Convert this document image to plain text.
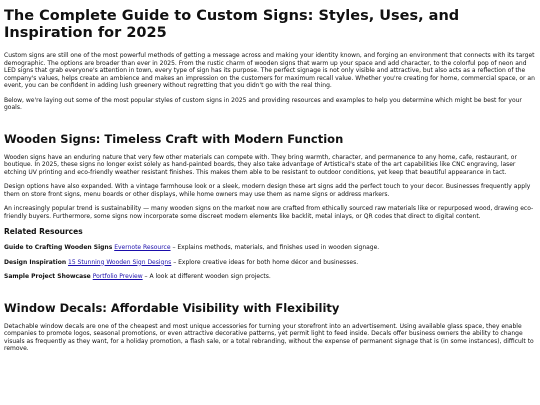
The Complete Guide to Custom Signs: Styles, Uses, and Inspiration for 2025

Custom signs are still one of the most powerful methods of getting a message across and making your identity known, and forging an environment that connects with its target demographic. The options are broader than ever in 2025. From the rustic charm of wooden signs that warm up your space and add character, to the colorful pop of neon and LED signs that grab everyone's attention in town, every type of sign has its purpose. The perfect signage is not only visible and attractive, but also acts as a reflection of the company's values, helps create an ambience and makes an impression on the customers for maximum recall value. Whether you're creating for home, commercial space, or an event, you can be confident in adding lush greenery without regretting that you didn't go with the real thing.

Below, we're laying out some of the most popular styles of custom signs in 2025 and providing resources and examples to help you determine which might be best for your goals.

Wooden Signs: Timeless Craft with Modern Function

Wooden signs have an enduring nature that very few other materials can compete with. They bring warmth, character, and permanence to any home, cafe, restaurant, or boutique. In 2025, these signs no longer exist solely as hand-painted boards, they also take advantage of Artistical's state of the art capabilities like CNC engraving, laser etching UV printing and eco-friendly weather resistant finishes. This makes them able to be resistant to outdoor conditions, yet keep that beautiful appearance in tact.

Design options have also expanded. With a vintage farmhouse look or a sleek, modern design these art signs add the perfect touch to your decor. Businesses frequently apply them on store front signs, menu boards or other displays, while home owners may use them as name signs or address markers.

An increasingly popular trend is sustainability — many wooden signs on the market now are crafted from ethically sourced raw materials like or repurposed wood, drawing eco-friendly buyers. Furthermore, some signs now incorporate some discreet modern elements like backlit, metal inlays, or QR codes that direct to digital content.

Related Resources
Guide to Crafting Wooden Signs Evernote Resource – Explains methods, materials, and finishes used in wooden signage.
Design Inspiration 15 Stunning Wooden Sign Designs – Explore creative ideas for both home décor and businesses.
Sample Project Showcase Portfolio Preview – A look at different wooden sign projects.
Window Decals: Affordable Visibility with Flexibility

Detachable window decals are one of the cheapest and most unique accessories for turning your storefront into an advertisement. Using available glass space, they enable companies to promote logos, seasonal promotions, or even attractive decorative patterns, yet permit light to feed inside. Decals offer business owners the ability to change visuals as frequently as they want, for a holiday promotion, a flash sale, or a total rebranding, without the expense of permanent signage that is (in some instances), difficult to remove.
